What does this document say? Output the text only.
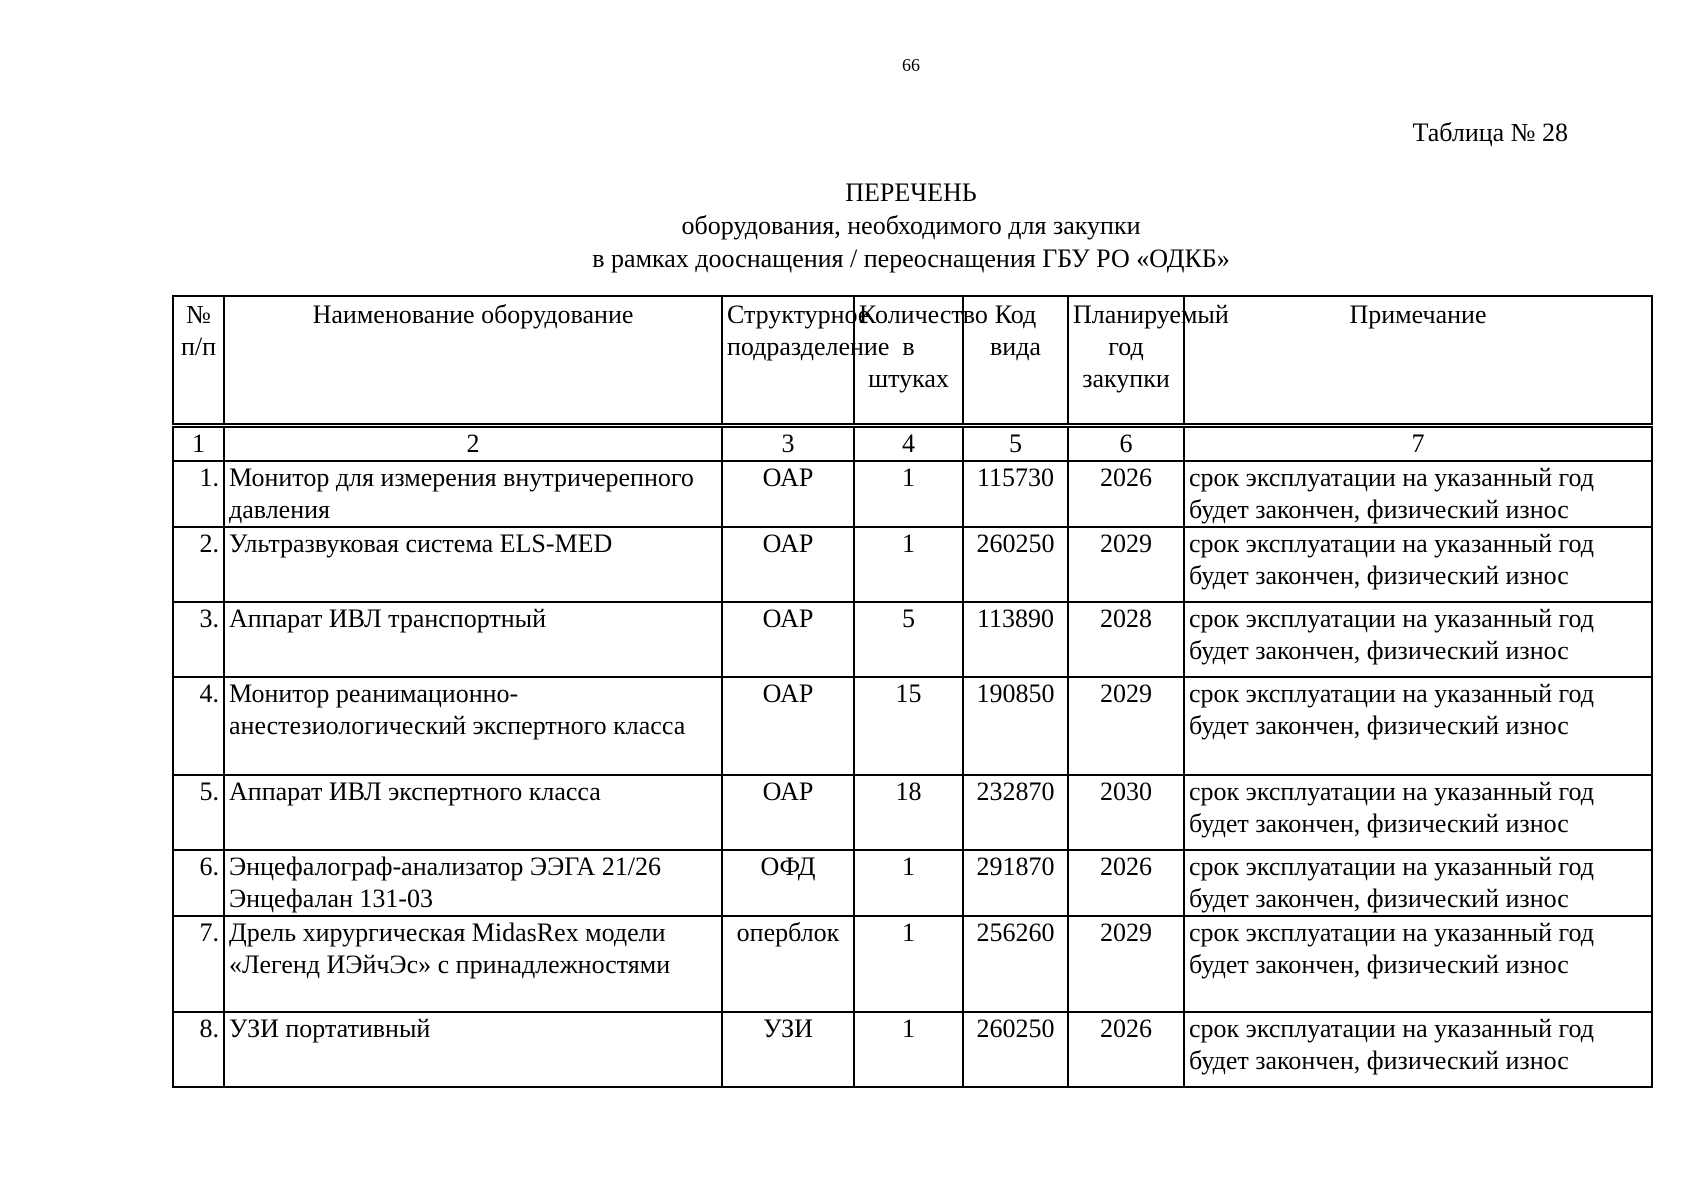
66
Таблица № 28
ПЕРЕЧЕНЬ
оборудования, необходимого для закупки
в рамках дооснащения / переоснащения ГБУ РО «ОДКБ»
№
п/п	Наименование оборудование	Структурное подразделение	Количество в штуках	Код вида	Планируемый год закупки	Примечание
1	2	3	4	5	6	7
1.	Монитор для измерения внутричерепного давления	ОАР	1	115730	2026	срок эксплуатации на указанный год будет закончен, физический износ
2.	Ультразвуковая система ELS-MED	ОАР	1	260250	2029	срок эксплуатации на указанный год будет закончен, физический износ
3.	Аппарат ИВЛ транспортный	ОАР	5	113890	2028	срок эксплуатации на указанный год будет закончен, физический износ
4.	Монитор реанимационно-анестезиологический экспертного класса	ОАР	15	190850	2029	срок эксплуатации на указанный год будет закончен, физический износ
5.	Аппарат ИВЛ экспертного класса	ОАР	18	232870	2030	срок эксплуатации на указанный год будет закончен, физический износ
6.	Энцефалограф-анализатор ЭЭГА 21/26 Энцефалан 131-03	ОФД	1	291870	2026	срок эксплуатации на указанный год будет закончен, физический износ
7.	Дрель хирургическая MidasRex модели «Легенд ИЭйчЭс» с принадлежностями	оперблок	1	256260	2029	срок эксплуатации на указанный год будет закончен, физический износ
8.	УЗИ портативный	УЗИ	1	260250	2026	срок эксплуатации на указанный год будет закончен, физический износ
